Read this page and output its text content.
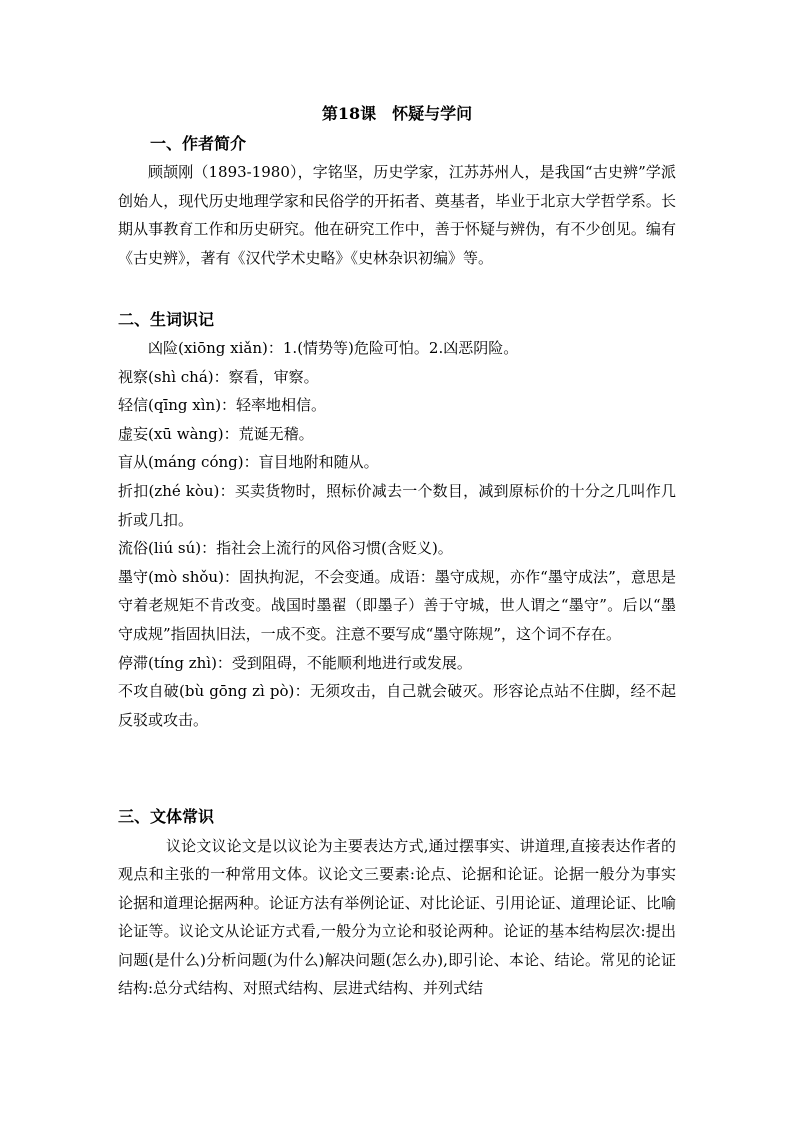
第18课　怀疑与学问
一、作者简介
顾颉刚（1893-1980），字铭坚，历史学家，江苏苏州人，是我国“古史辨”学派创始人，现代历史地理学家和民俗学的开拓者、奠基者，毕业于北京大学哲学系。长期从事教育工作和历史研究。他在研究工作中，善于怀疑与辨伪，有不少创见。编有《古史辨》，著有《汉代学术史略》《史林杂识初编》等。
二、生词识记

凶险(xiōng xiǎn)：1.(情势等)危险可怕。2.凶恶阴险。

视察(shì chá)：察看，审察。

轻信(qīng xìn)：轻率地相信。

虚妄(xū wàng)：荒诞无稽。

盲从(máng cóng)：盲目地附和随从。

折扣(zhé kòu)：买卖货物时，照标价减去一个数目，减到原标价的十分之几叫作几折或几扣。

流俗(liú sú)：指社会上流行的风俗习惯(含贬义)。

墨守(mò shǒu)：固执拘泥，不会变通。成语：墨守成规，亦作“墨守成法”，意思是守着老规矩不肯改变。战国时墨翟（即墨子）善于守城，世人谓之“墨守”。后以“墨守成规”指固执旧法，一成不变。注意不要写成“墨守陈规”，这个词不存在。

停滞(tíng zhì)：受到阻碍，不能顺利地进行或发展。

不攻自破(bù gōng zì pò)：无须攻击，自己就会破灭。形容论点站不住脚，经不起反驳或攻击。

三、文体常识
议论文议论文是以议论为主要表达方式,通过摆事实、讲道理,直接表达作者的观点和主张的一种常用文体。议论文三要素:论点、论据和论证。论据一般分为事实论据和道理论据两种。论证方法有举例论证、对比论证、引用论证、道理论证、比喻论证等。议论文从论证方式看,一般分为立论和驳论两种。论证的基本结构层次:提出问题(是什么)分析问题(为什么)解决问题(怎么办),即引论、本论、结论。常见的论证结构:总分式结构、对照式结构、层进式结构、并列式结
